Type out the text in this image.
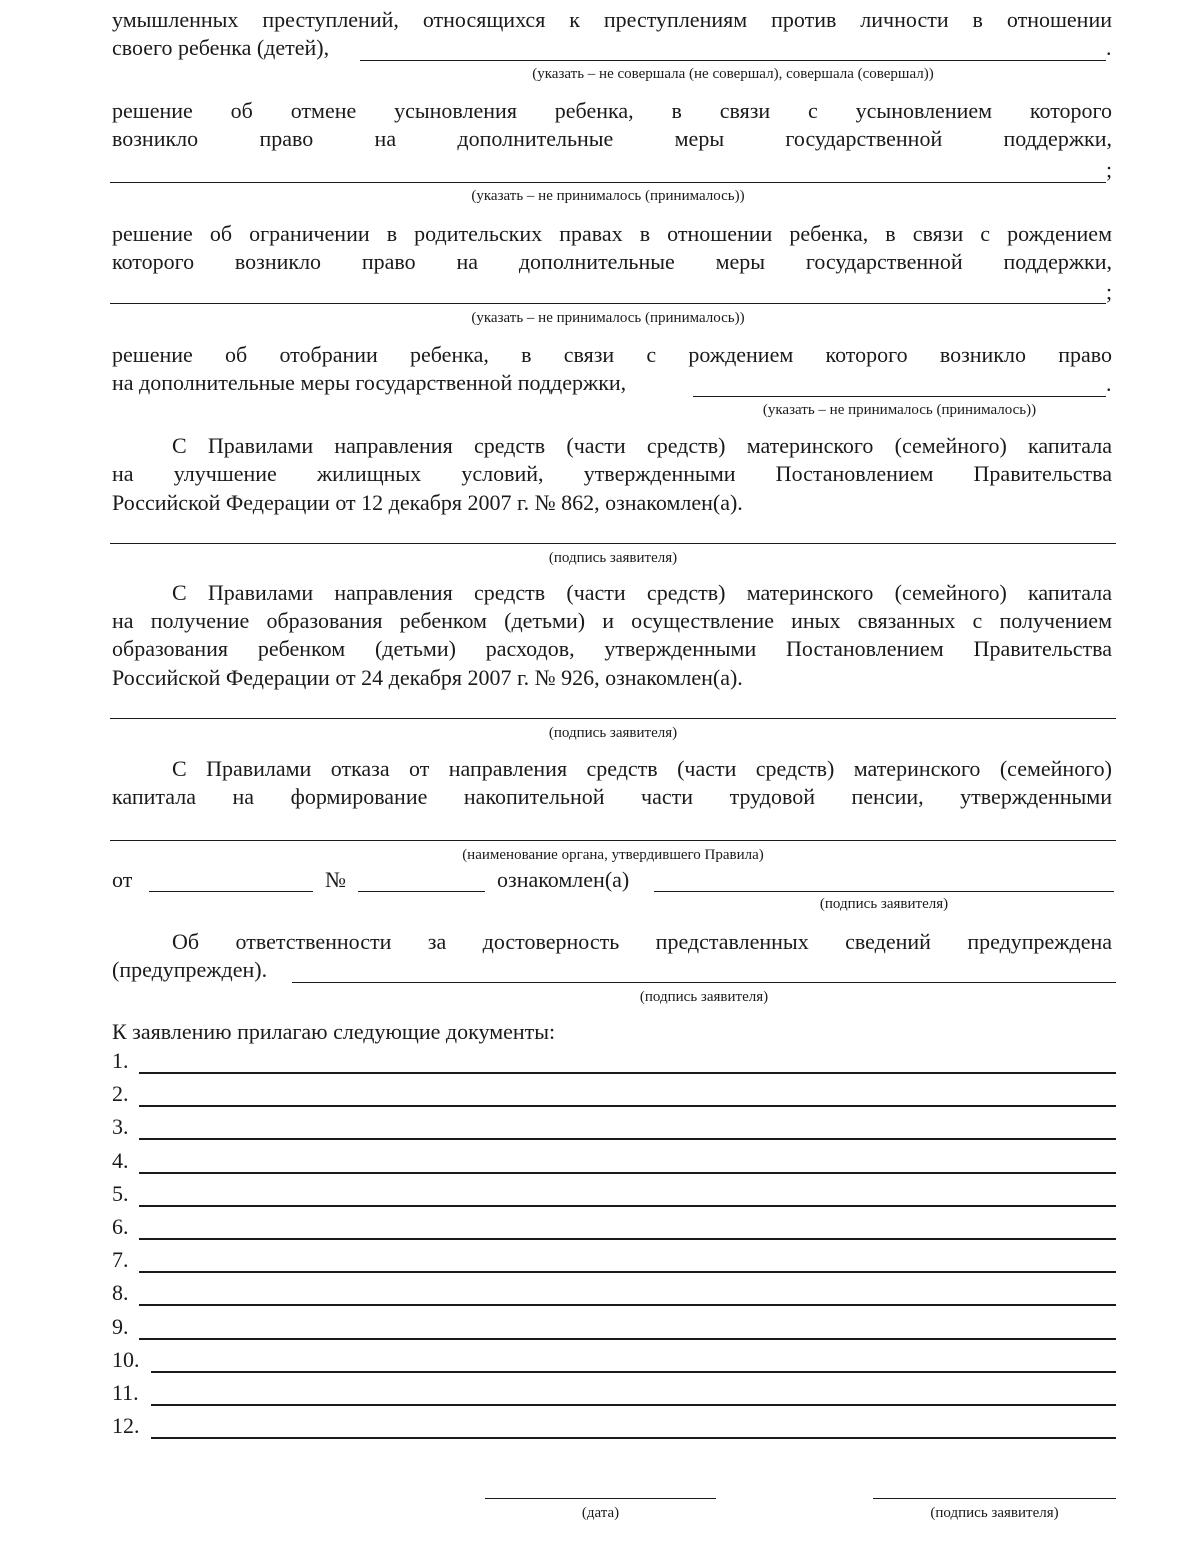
умышленных преступлений, относящихся к преступлениям против личности в отношении
своего ребенка (детей),	.
(указать – не совершала (не совершал), совершала (совершал))
решение об отмене усыновления ребенка, в связи с усыновлением которого
возникло право на дополнительные меры государственной поддержки,
;
(указать – не принималось (принималось))
решение об ограничении в родительских правах в отношении ребенка, в связи с рождением
которого возникло право на дополнительные меры государственной поддержки,
;
(указать – не принималось (принималось))
решение об отобрании ребенка, в связи с рождением которого возникло право
на дополнительные меры государственной поддержки,	.
(указать – не принималось (принималось))
С Правилами направления средств (части средств) материнского (семейного) капитала
на улучшение жилищных условий, утвержденными Постановлением Правительства
Российской Федерации от 12 декабря 2007 г. № 862, ознакомлен(а).
(подпись заявителя)
С Правилами направления средств (части средств) материнского (семейного) капитала
на получение образования ребенком (детьми) и осуществление иных связанных с получением
образования ребенком (детьми) расходов, утвержденными Постановлением Правительства
Российской Федерации от 24 декабря 2007 г. № 926, ознакомлен(а).
(подпись заявителя)
С Правилами отказа от направления средств (части средств) материнского (семейного)
капитала на формирование накопительной части трудовой пенсии, утвержденными
(наименование органа, утвердившего Правила)
от	№	ознакомлен(а)
(подпись заявителя)
Об ответственности за достоверность представленных сведений предупреждена
(предупрежден).
(подпись заявителя)
К заявлению прилагаю следующие документы:
1.
2.
3.
4.
5.
6.
7.
8.
9.
10.
11.
12.
(дата)	(подпись заявителя)
